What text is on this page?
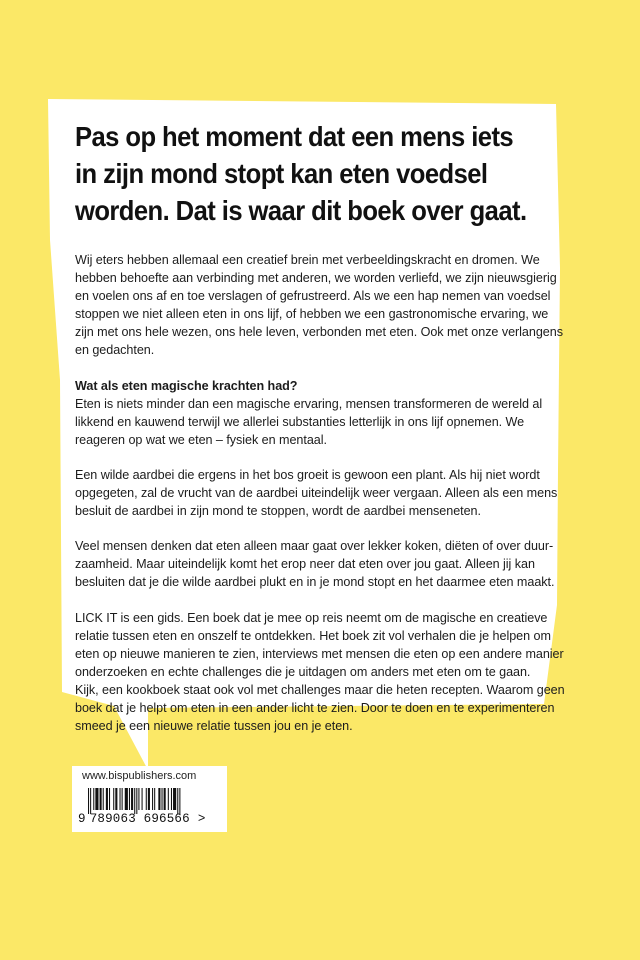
Pas op het moment dat een mens iets
in zijn mond stopt kan eten voedsel
worden. Dat is waar dit boek over gaat.
Wij eters hebben allemaal een creatief brein met verbeeldingskracht en dromen. We
hebben behoefte aan verbinding met anderen, we worden verliefd, we zijn nieuwsgierig
en voelen ons af en toe verslagen of gefrustreerd. Als we een hap nemen van voedsel
stoppen we niet alleen eten in ons lijf, of hebben we een gastronomische ervaring, we
zijn met ons hele wezen, ons hele leven, verbonden met eten. Ook met onze verlangens
en gedachten.
Wat als eten magische krachten had?
Eten is niets minder dan een magische ervaring, mensen transformeren de wereld al
likkend en kauwend terwijl we allerlei substanties letterlijk in ons lijf opnemen. We
reageren op wat we eten – fysiek en mentaal.
Een wilde aardbei die ergens in het bos groeit is gewoon een plant. Als hij niet wordt
opgegeten, zal de vrucht van de aardbei uiteindelijk weer vergaan. Alleen als een mens
besluit de aardbei in zijn mond te stoppen, wordt de aardbei menseneten.
Veel mensen denken dat eten alleen maar gaat over lekker koken, diëten of over duur-
zaamheid. Maar uiteindelijk komt het erop neer dat eten over jou gaat. Alleen jij kan
besluiten dat je die wilde aardbei plukt en in je mond stopt en het daarmee eten maakt.
LICK IT is een gids. Een boek dat je mee op reis neemt om de magische en creatieve
relatie tussen eten en onszelf te ontdekken. Het boek zit vol verhalen die je helpen om
eten op nieuwe manieren te zien, interviews met mensen die eten op een andere manier
onderzoeken en echte challenges die je uitdagen om anders met eten om te gaan.
Kijk, een kookboek staat ook vol met challenges maar die heten recepten. Waarom geen
boek dat je helpt om eten in een ander licht te zien. Door te doen en te experimenteren
smeed je een nieuwe relatie tussen jou en je eten.
www.bispublishers.com
9 789063 696566 >
